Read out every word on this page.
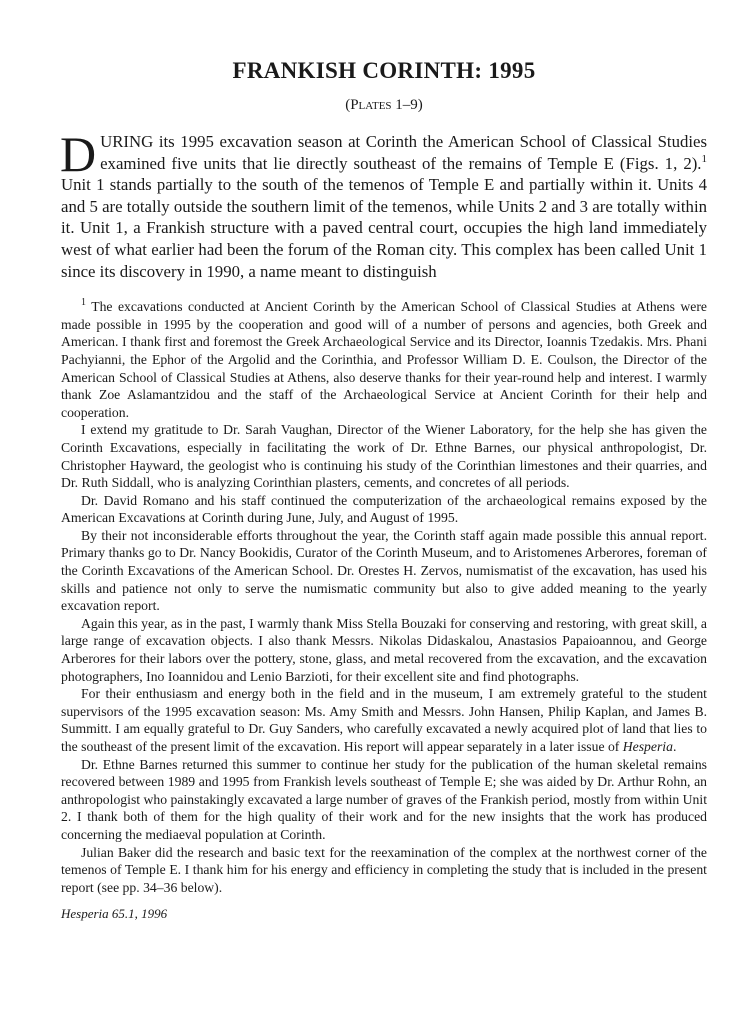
FRANKISH CORINTH: 1995
(Plates 1–9)
DURING its 1995 excavation season at Corinth the American School of Classical Studies examined five units that lie directly southeast of the remains of Temple E (Figs. 1, 2).$^1$ Unit 1 stands partially to the south of the temenos of Temple E and partially within it. Units 4 and 5 are totally outside the southern limit of the temenos, while Units 2 and 3 are totally within it. Unit 1, a Frankish structure with a paved central court, occupies the high land immediately west of what earlier had been the forum of the Roman city. This complex has been called Unit 1 since its discovery in 1990, a name meant to distinguish

$^1$ The excavations conducted at Ancient Corinth by the American School of Classical Studies at Athens were made possible in 1995 by the cooperation and good will of a number of persons and agencies, both Greek and American. I thank first and foremost the Greek Archaeological Service and its Director, Ioannis Tzedakis. Mrs. Phani Pachyianni, the Ephor of the Argolid and the Corinthia, and Professor William D. E. Coulson, the Director of the American School of Classical Studies at Athens, also deserve thanks for their year-round help and interest. I warmly thank Zoe Aslamantzidou and the staff of the Archaeological Service at Ancient Corinth for their help and cooperation.

I extend my gratitude to Dr. Sarah Vaughan, Director of the Wiener Laboratory, for the help she has given the Corinth Excavations, especially in facilitating the work of Dr. Ethne Barnes, our physical anthropologist, Dr. Christopher Hayward, the geologist who is continuing his study of the Corinthian limestones and their quarries, and Dr. Ruth Siddall, who is analyzing Corinthian plasters, cements, and concretes of all periods.

Dr. David Romano and his staff continued the computerization of the archaeological remains exposed by the American Excavations at Corinth during June, July, and August of 1995.

By their not inconsiderable efforts throughout the year, the Corinth staff again made possible this annual report. Primary thanks go to Dr. Nancy Bookidis, Curator of the Corinth Museum, and to Aristomenes Arberores, foreman of the Corinth Excavations of the American School. Dr. Orestes H. Zervos, numismatist of the excavation, has used his skills and patience not only to serve the numismatic community but also to give added meaning to the yearly excavation report.

Again this year, as in the past, I warmly thank Miss Stella Bouzaki for conserving and restoring, with great skill, a large range of excavation objects. I also thank Messrs. Nikolas Didaskalou, Anastasios Papaioannou, and George Arberores for their labors over the pottery, stone, glass, and metal recovered from the excavation, and the excavation photographers, Ino Ioannidou and Lenio Barzioti, for their excellent site and find photographs.

For their enthusiasm and energy both in the field and in the museum, I am extremely grateful to the student supervisors of the 1995 excavation season: Ms. Amy Smith and Messrs. John Hansen, Philip Kaplan, and James B. Summitt. I am equally grateful to Dr. Guy Sanders, who carefully excavated a newly acquired plot of land that lies to the southeast of the present limit of the excavation. His report will appear separately in a later issue of Hesperia.

Dr. Ethne Barnes returned this summer to continue her study for the publication of the human skeletal remains recovered between 1989 and 1995 from Frankish levels southeast of Temple E; she was aided by Dr. Arthur Rohn, an anthropologist who painstakingly excavated a large number of graves of the Frankish period, mostly from within Unit 2. I thank both of them for the high quality of their work and for the new insights that the work has produced concerning the mediaeval population at Corinth.

Julian Baker did the research and basic text for the reexamination of the complex at the northwest corner of the temenos of Temple E. I thank him for his energy and efficiency in completing the study that is included in the present report (see pp. 34–36 below).

Hesperia 65.1, 1996
